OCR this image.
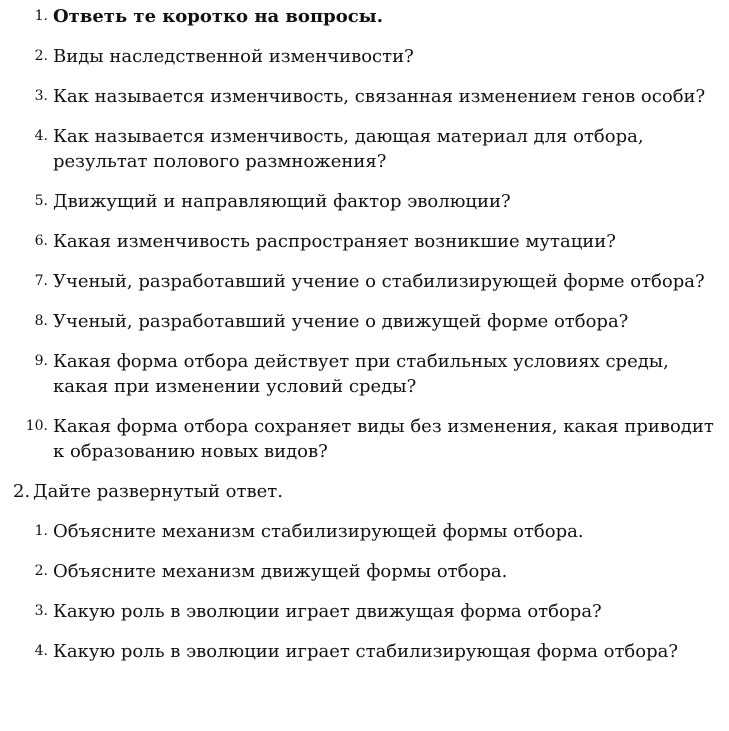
1. Ответь те коротко на вопросы.
2. Виды наследственной изменчивости?
3. Как называется изменчивость, связанная изменением генов особи?
4. Как называется изменчивость, дающая материал для отбора,
результат полового размножения?
5. Движущий и направляющий фактор эволюции?
6. Какая изменчивость распространяет возникшие мутации?
7. Ученый, разработавший учение о стабилизирующей форме отбора?
8. Ученый, разработавший учение о движущей форме отбора?
9. Какая форма отбора действует при стабильных условиях среды,
какая при изменении условий среды?
10. Какая форма отбора сохраняет виды без изменения, какая приводит
к образованию новых видов?
2. Дайте развернутый ответ.
1. Объясните механизм стабилизирующей формы отбора.
2. Объясните механизм движущей формы отбора.
3. Какую роль в эволюции играет движущая форма отбора?
4. Какую роль в эволюции играет стабилизирующая форма отбора?
